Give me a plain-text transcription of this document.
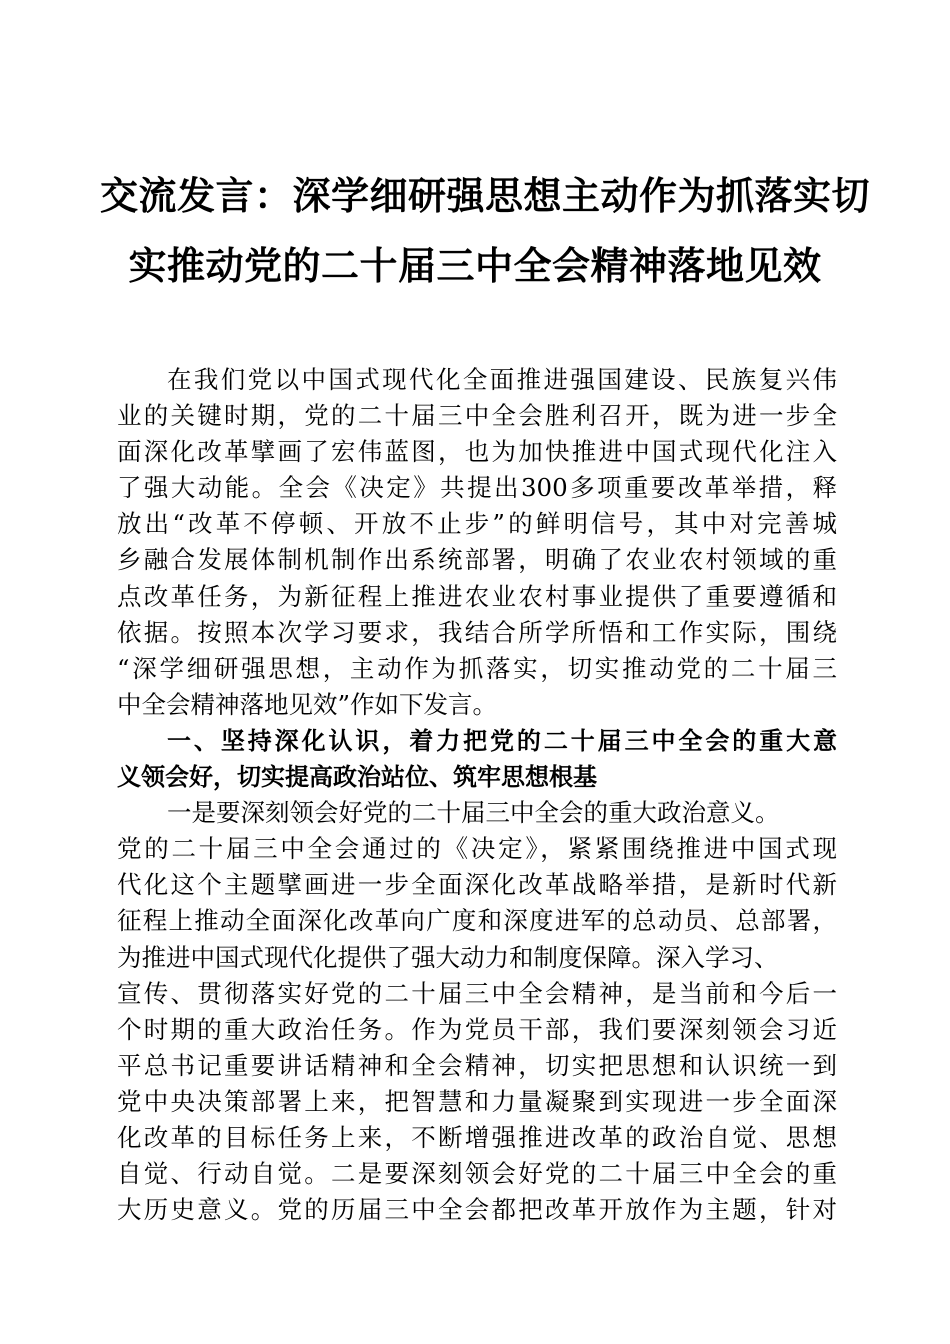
交流发言：深学细研强思想主动作为抓落实切
实推动党的二十届三中全会精神落地见效
在我们党以中国式现代化全面推进强国建设、民族复兴伟
业的关键时期，党的二十届三中全会胜利召开，既为进一步全
面深化改革擘画了宏伟蓝图，也为加快推进中国式现代化注入
了强大动能。全会《决定》共提出300多项重要改革举措，释
放出“改革不停顿、开放不止步”的鲜明信号，其中对完善城
乡融合发展体制机制作出系统部署，明确了农业农村领域的重
点改革任务，为新征程上推进农业农村事业提供了重要遵循和
依据。按照本次学习要求，我结合所学所悟和工作实际，围绕
“深学细研强思想，主动作为抓落实，切实推动党的二十届三
中全会精神落地见效”作如下发言。
一、坚持深化认识，着力把党的二十届三中全会的重大意
义领会好，切实提高政治站位、筑牢思想根基
一是要深刻领会好党的二十届三中全会的重大政治意义。
党的二十届三中全会通过的《决定》，紧紧围绕推进中国式现
代化这个主题擘画进一步全面深化改革战略举措，是新时代新
征程上推动全面深化改革向广度和深度进军的总动员、总部署，
为推进中国式现代化提供了强大动力和制度保障。深入学习、
宣传、贯彻落实好党的二十届三中全会精神，是当前和今后一
个时期的重大政治任务。作为党员干部，我们要深刻领会习近
平总书记重要讲话精神和全会精神，切实把思想和认识统一到
党中央决策部署上来，把智慧和力量凝聚到实现进一步全面深
化改革的目标任务上来，不断增强推进改革的政治自觉、思想
自觉、行动自觉。二是要深刻领会好党的二十届三中全会的重
大历史意义。党的历届三中全会都把改革开放作为主题，针对
